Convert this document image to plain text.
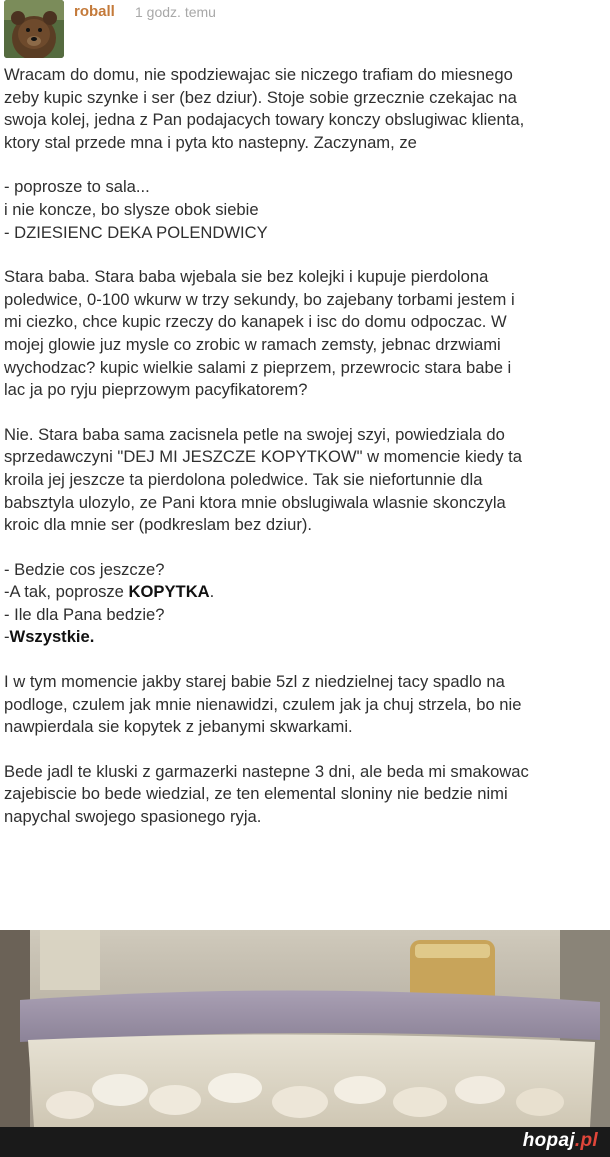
roball 1 godz. temu
Wracam do domu, nie spodziewajac sie niczego trafiam do miesnego
zeby kupic szynke i ser (bez dziur). Stoje sobie grzecznie czekajac na
swoja kolej, jedna z Pan podajacych towary konczy obslugiwac klienta,
ktory stal przede mna i pyta kto nastepny. Zaczynam, ze
- poprosze to sala...
i nie koncze, bo slysze obok siebie
- DZIESIENC DEKA POLENDWICY
Stara baba. Stara baba wjebala sie bez kolejki i kupuje pierdolona
poledwice, 0-100 wkurw w trzy sekundy, bo zajebany torbami jestem i
mi ciezko, chce kupic rzeczy do kanapek i isc do domu odpoczac. W
mojej glowie juz mysle co zrobic w ramach zemsty, jebnac drzwiami
wychodzac? kupic wielkie salami z pieprzem, przewrocic stara babe i
lac ja po ryju pieprzowym pacyfikatorem?
Nie. Stara baba sama zacisnela petle na swojej szyi, powiedziala do
sprzedawczyni "DEJ MI JESZCZE KOPYTKOW" w momencie kiedy ta
kroila jej jeszcze ta pierdolona poledwice. Tak sie niefortunnie dla
babsztyla ulozylo, ze Pani ktora mnie obslugiwala wlasnie skonczyla
kroic dla mnie ser (podkreslam bez dziur).
- Bedzie cos jeszcze?
-A tak, poprosze KOPYTKA.
- Ile dla Pana bedzie?
-Wszystkie.
I w tym momencie jakby starej babie 5zl z niedzielnej tacy spadlo na
podloge, czulem jak mnie nienawidzi, czulem jak ja chuj strzela, bo nie
nawpierdala sie kopytek z jebanymi skwarkami.
Bede jadl te kluski z garmazerki nastepne 3 dni, ale beda mi smakowac
zajebiscie bo bede wiedzial, ze ten elemental sloniny nie bedzie nimi
napychal swojego spasionego ryja.
hopaj.pl
